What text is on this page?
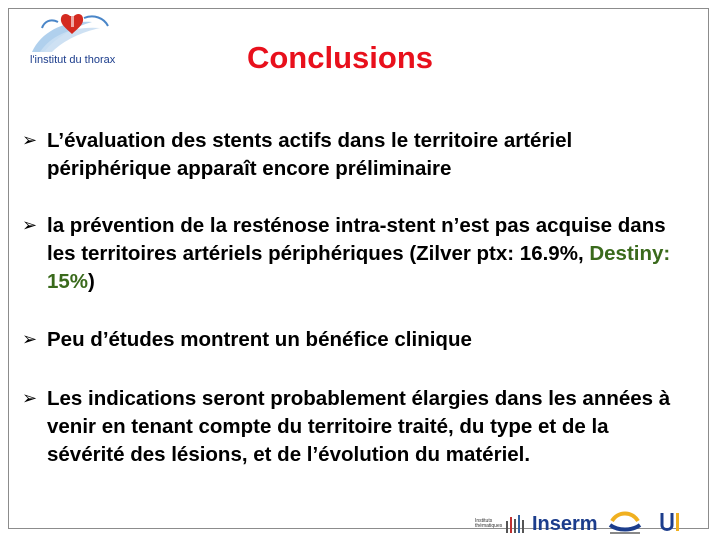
l'institut du thorax	Conclusions
➢ L’évaluation des stents actifs dans le territoire artériel périphérique apparaît encore préliminaire
➢ la prévention de la resténose intra-stent n’est pas acquise dans les territoires artériels périphériques (Zilver ptx: 16.9%, Destiny: 15%)
➢ Peu d’études montrent un bénéfice clinique
➢ Les indications seront probablement élargies dans les années à venir en tenant compte du territoire traité, du type et de la sévérité des lésions, et de l’évolution du matériel.
Instituts thématiques Inserm
